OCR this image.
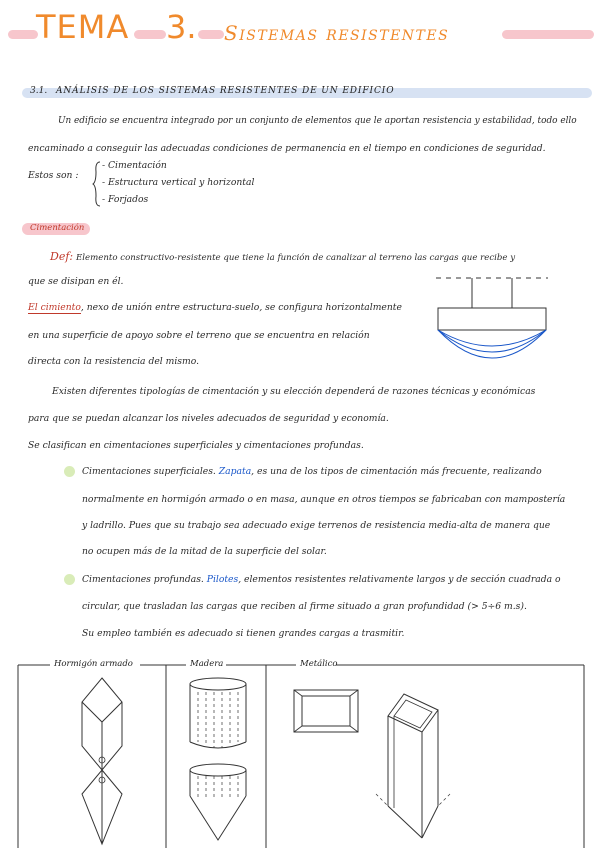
TEMA 3. Sistemas resistentes
3.1. ANÁLISIS DE LOS SISTEMAS RESISTENTES DE UN EDIFICIO
Un edificio se encuentra integrado por un conjunto de elementos que le aportan resistencia y estabilidad, todo ello
encaminado a conseguir las adecuadas condiciones de permanencia en el tiempo en condiciones de seguridad.
Estos son :
- Cimentación
- Estructura vertical y horizontal
- Forjados
Cimentación
Def: Elemento constructivo-resistente que tiene la función de canalizar al terreno las cargas que recibe y
que se disipan en él.
El cimiento, nexo de unión entre estructura-suelo, se configura horizontalmente
en una superficie de apoyo sobre el terreno que se encuentra en relación
directa con la resistencia del mismo.
Existen diferentes tipologías de cimentación y su elección dependerá de razones técnicas y económicas
para que se puedan alcanzar los niveles adecuados de seguridad y economía.
Se clasifican en cimentaciones superficiales y cimentaciones profundas.
Cimentaciones superficiales. Zapata, es una de los tipos de cimentación más frecuente, realizando
normalmente en hormigón armado o en masa, aunque en otros tiempos se fabricaban con mampostería
y ladrillo. Pues que su trabajo sea adecuado exige terrenos de resistencia media-alta de manera que
no ocupen más de la mitad de la superficie del solar.
Cimentaciones profundas. Pilotes, elementos resistentes relativamente largos y de sección cuadrada o
circular, que trasladan las cargas que reciben al firme situado a gran profundidad (> 5÷6 m.s).
Su empleo también es adecuado si tienen grandes cargas a trasmitir.
Hormigón armado	Madera	Metálico
